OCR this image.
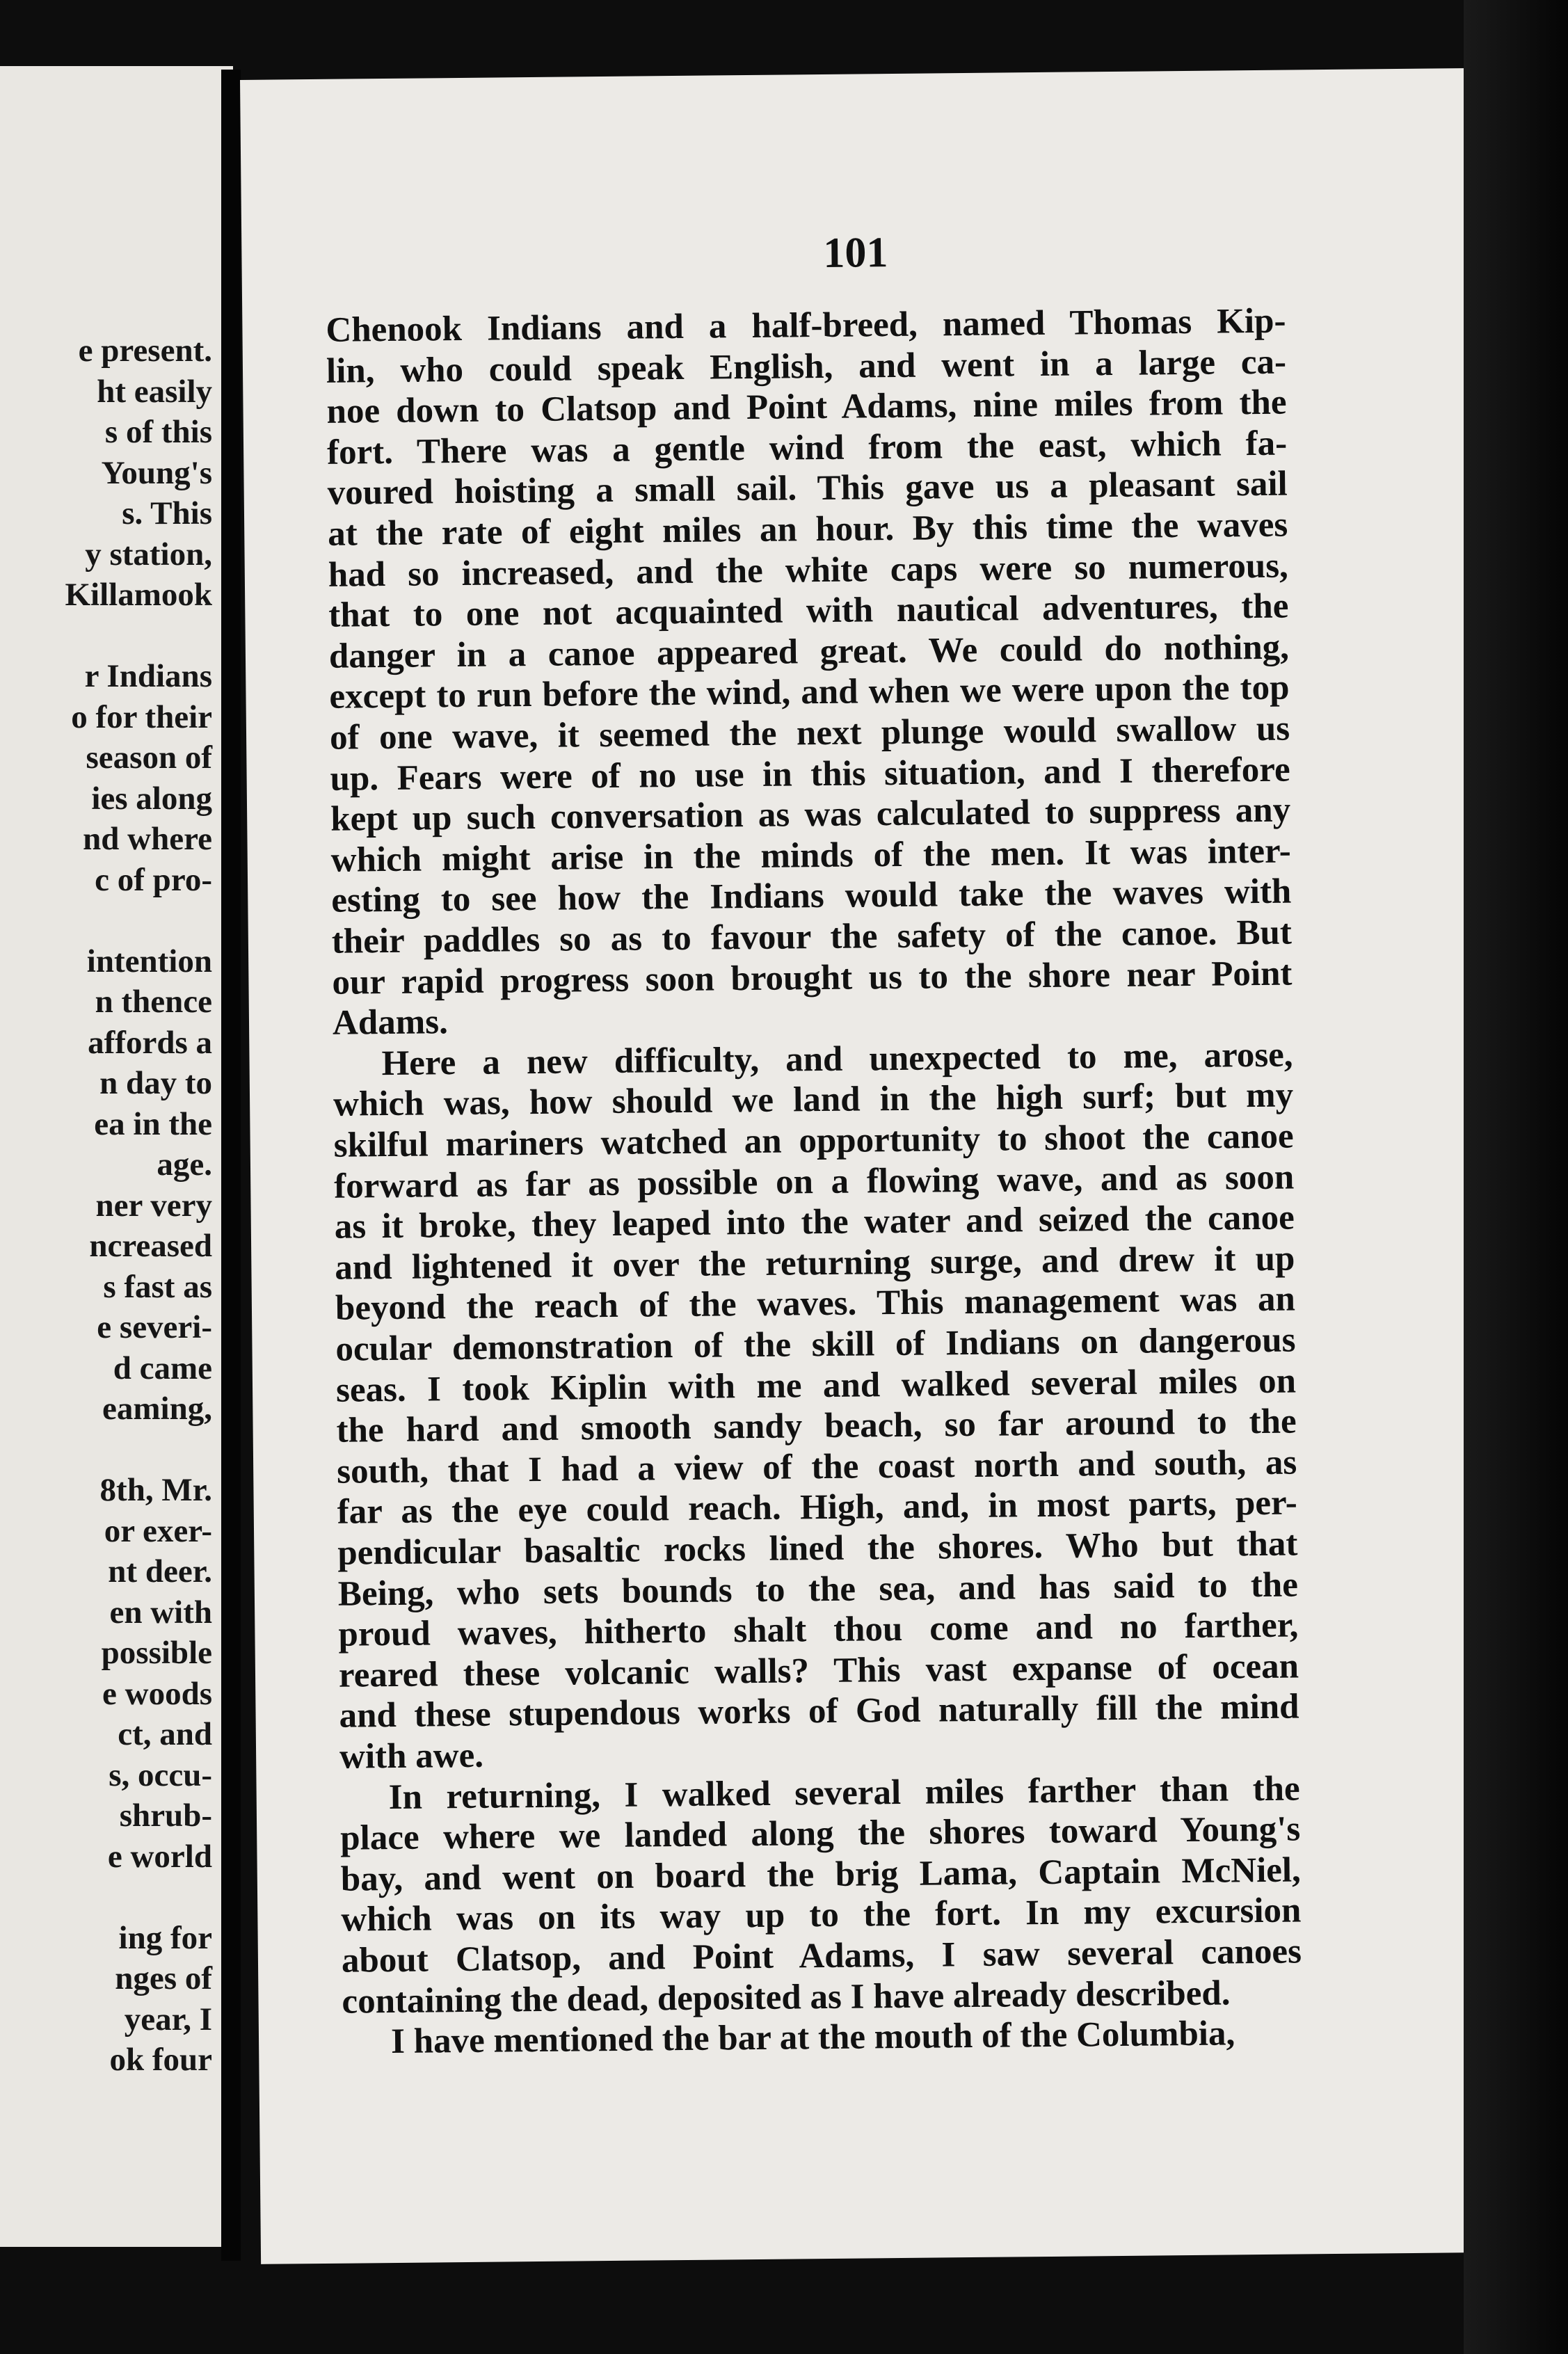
e present.
ht easily
s of this
Young's
s. This
y station,
Killamook
r Indians
o for their
season of
ies along
nd where
c of pro-
intention
n thence
affords a
n day to
ea in the
age.
ner very
ncreased
s fast as
e severi-
d came
eaming,
8th, Mr.
or exer-
nt deer.
en with
possible
e woods
ct, and
s, occu-
shrub-
e world
ing for
nges of
year, I
ok four
101
Chenook Indians and a half-breed, named Thomas Kip-
lin, who could speak English, and went in a large ca-
noe down to Clatsop and Point Adams, nine miles from the
fort. There was a gentle wind from the east, which fa-
voured hoisting a small sail. This gave us a pleasant sail
at the rate of eight miles an hour. By this time the waves
had so increased, and the white caps were so numerous,
that to one not acquainted with nautical adventures, the
danger in a canoe appeared great. We could do nothing,
except to run before the wind, and when we were upon the top
of one wave, it seemed the next plunge would swallow us
up. Fears were of no use in this situation, and I therefore
kept up such conversation as was calculated to suppress any
which might arise in the minds of the men. It was inter-
esting to see how the Indians would take the waves with
their paddles so as to favour the safety of the canoe. But
our rapid progress soon brought us to the shore near Point
Adams.
Here a new difficulty, and unexpected to me, arose,
which was, how should we land in the high surf; but my
skilful mariners watched an opportunity to shoot the canoe
forward as far as possible on a flowing wave, and as soon
as it broke, they leaped into the water and seized the canoe
and lightened it over the returning surge, and drew it up
beyond the reach of the waves. This management was an
ocular demonstration of the skill of Indians on dangerous
seas. I took Kiplin with me and walked several miles on
the hard and smooth sandy beach, so far around to the
south, that I had a view of the coast north and south, as
far as the eye could reach. High, and, in most parts, per-
pendicular basaltic rocks lined the shores. Who but that
Being, who sets bounds to the sea, and has said to the
proud waves, hitherto shalt thou come and no farther,
reared these volcanic walls? This vast expanse of ocean
and these stupendous works of God naturally fill the mind
with awe.
In returning, I walked several miles farther than the
place where we landed along the shores toward Young's
bay, and went on board the brig Lama, Captain McNiel,
which was on its way up to the fort. In my excursion
about Clatsop, and Point Adams, I saw several canoes
containing the dead, deposited as I have already described.
I have mentioned the bar at the mouth of the Columbia,
